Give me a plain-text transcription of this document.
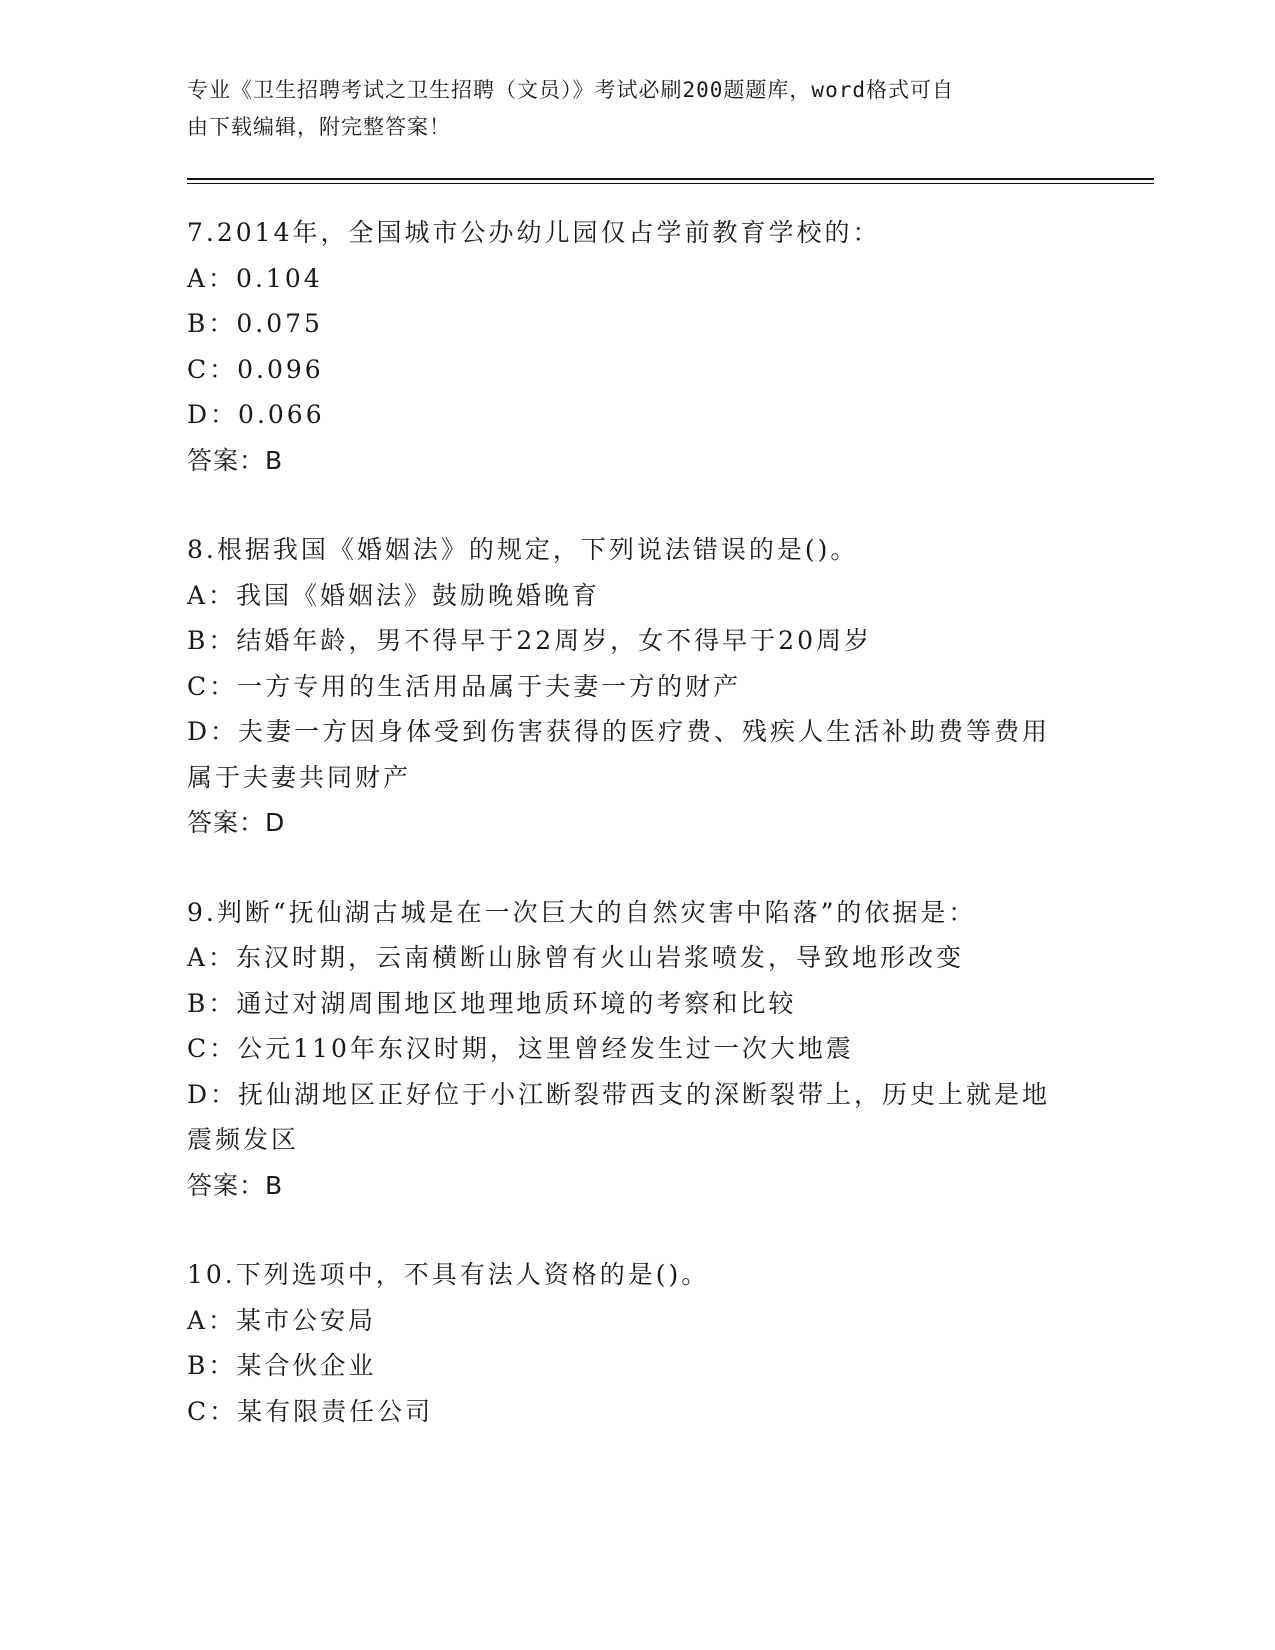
专业《卫生招聘考试之卫生招聘（文员）》考试必刷200题题库，word格式可自
由下载编辑，附完整答案！
7.2014年，全国城市公办幼儿园仅占学前教育学校的：
A：0.104
B：0.075
C：0.096
D：0.066
答案：B
8.根据我国《婚姻法》的规定，下列说法错误的是()。
A：我国《婚姻法》鼓励晚婚晚育
B：结婚年龄，男不得早于22周岁，女不得早于20周岁
C：一方专用的生活用品属于夫妻一方的财产
D：夫妻一方因身体受到伤害获得的医疗费、残疾人生活补助费等费用
属于夫妻共同财产
答案：D
9.判断“抚仙湖古城是在一次巨大的自然灾害中陷落”的依据是：
A：东汉时期，云南横断山脉曾有火山岩浆喷发，导致地形改变
B：通过对湖周围地区地理地质环境的考察和比较
C：公元110年东汉时期，这里曾经发生过一次大地震
D：抚仙湖地区正好位于小江断裂带西支的深断裂带上，历史上就是地
震频发区
答案：B
10.下列选项中，不具有法人资格的是()。
A：某市公安局
B：某合伙企业
C：某有限责任公司
